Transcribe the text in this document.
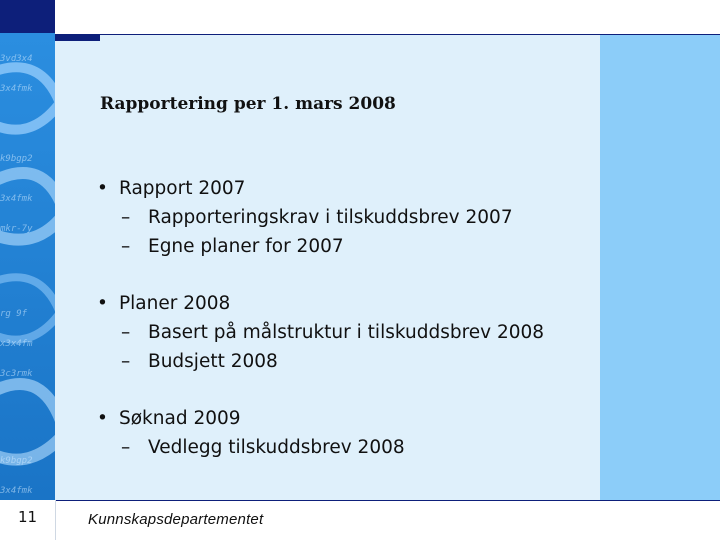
3vd3x4
3x4fmk
k9bgp2
3x4fmk
mkr-7y
rg 9f
x3x4fm
3c3rmk
k9bgp2
3x4fmk
11	Kunnskapsdepartementet
Rapportering per 1. mars 2008
• Rapport 2007
– Rapporteringskrav i tilskuddsbrev 2007
– Egne planer for 2007
• Planer 2008
– Basert på målstruktur i tilskuddsbrev 2008
– Budsjett 2008
• Søknad 2009
– Vedlegg tilskuddsbrev 2008
